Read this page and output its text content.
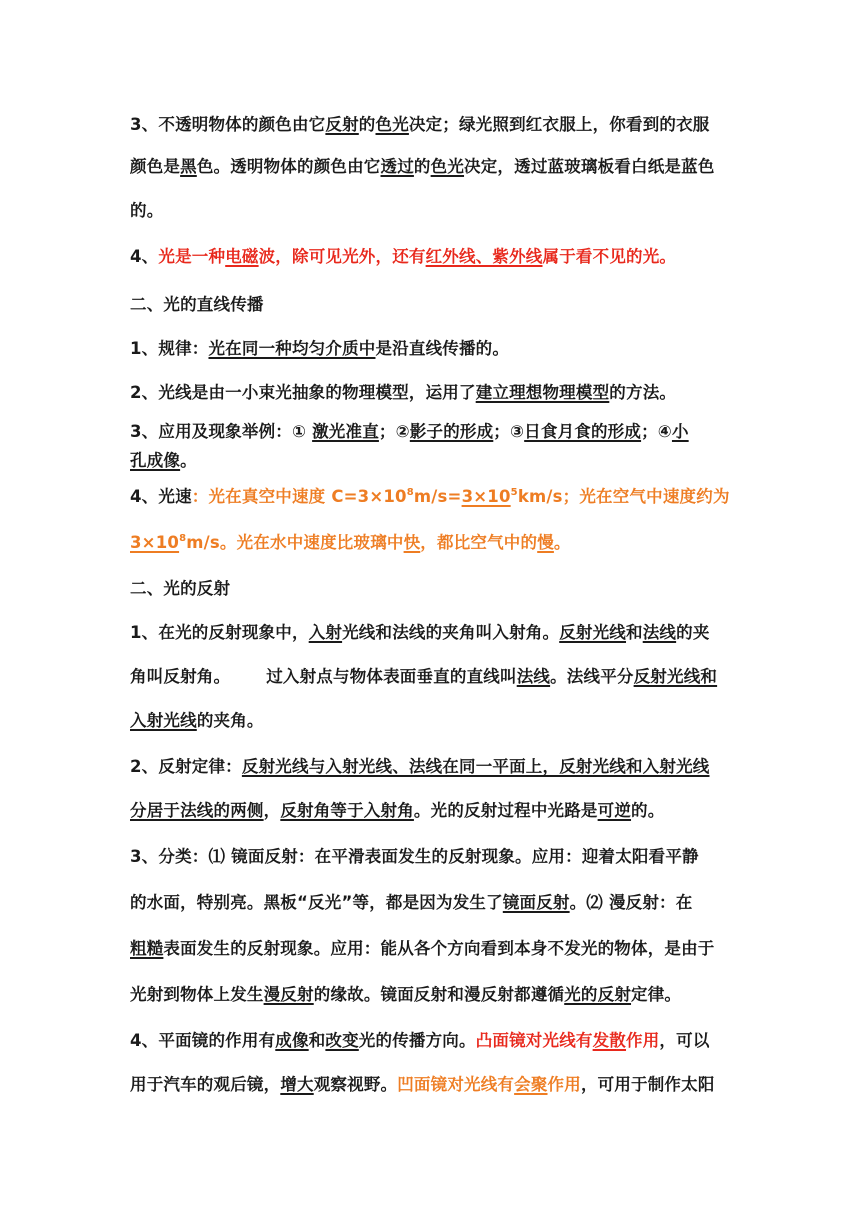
3、不透明物体的颜色由它反射的色光决定；绿光照到红衣服上，你看到的衣服
颜色是黑色。透明物体的颜色由它透过的色光决定，透过蓝玻璃板看白纸是蓝色
的。
4、光是一种电磁波，除可见光外，还有红外线、紫外线属于看不见的光。
二、光的直线传播
1、规律：光在同一种均匀介质中是沿直线传播的。
2、光线是由一小束光抽象的物理模型，运用了建立理想物理模型的方法。
3、应用及现象举例：① 激光准直；②影子的形成；③日食月食的形成；④小
孔成像。
4、光速：光在真空中速度 $C=3\times 10^8m/s=3\times 10^5km/s$；光在空气中速度约为
$3\times 10^8m/s$。光在水中速度比玻璃中快，都比空气中的慢。
二、光的反射
1、在光的反射现象中，入射光线和法线的夹角叫入射角。反射光线和法线的夹
角叫反射角。 过入射点与物体表面垂直的直线叫法线。法线平分反射光线和
入射光线的夹角。
2、反射定律：反射光线与入射光线、法线在同一平面上，反射光线和入射光线
分居于法线的两侧，反射角等于入射角。光的反射过程中光路是可逆的。
3、分类：⑴ 镜面反射：在平滑表面发生的反射现象。应用：迎着太阳看平静
的水面，特别亮。黑板“反光”等，都是因为发生了镜面反射。⑵ 漫反射：在
粗糙表面发生的反射现象。应用：能从各个方向看到本身不发光的物体，是由于
光射到物体上发生漫反射的缘故。镜面反射和漫反射都遵循光的反射定律。
4、平面镜的作用有成像和改变光的传播方向。凸面镜对光线有发散作用，可以
用于汽车的观后镜，增大观察视野。凹面镜对光线有会聚作用，可用于制作太阳
